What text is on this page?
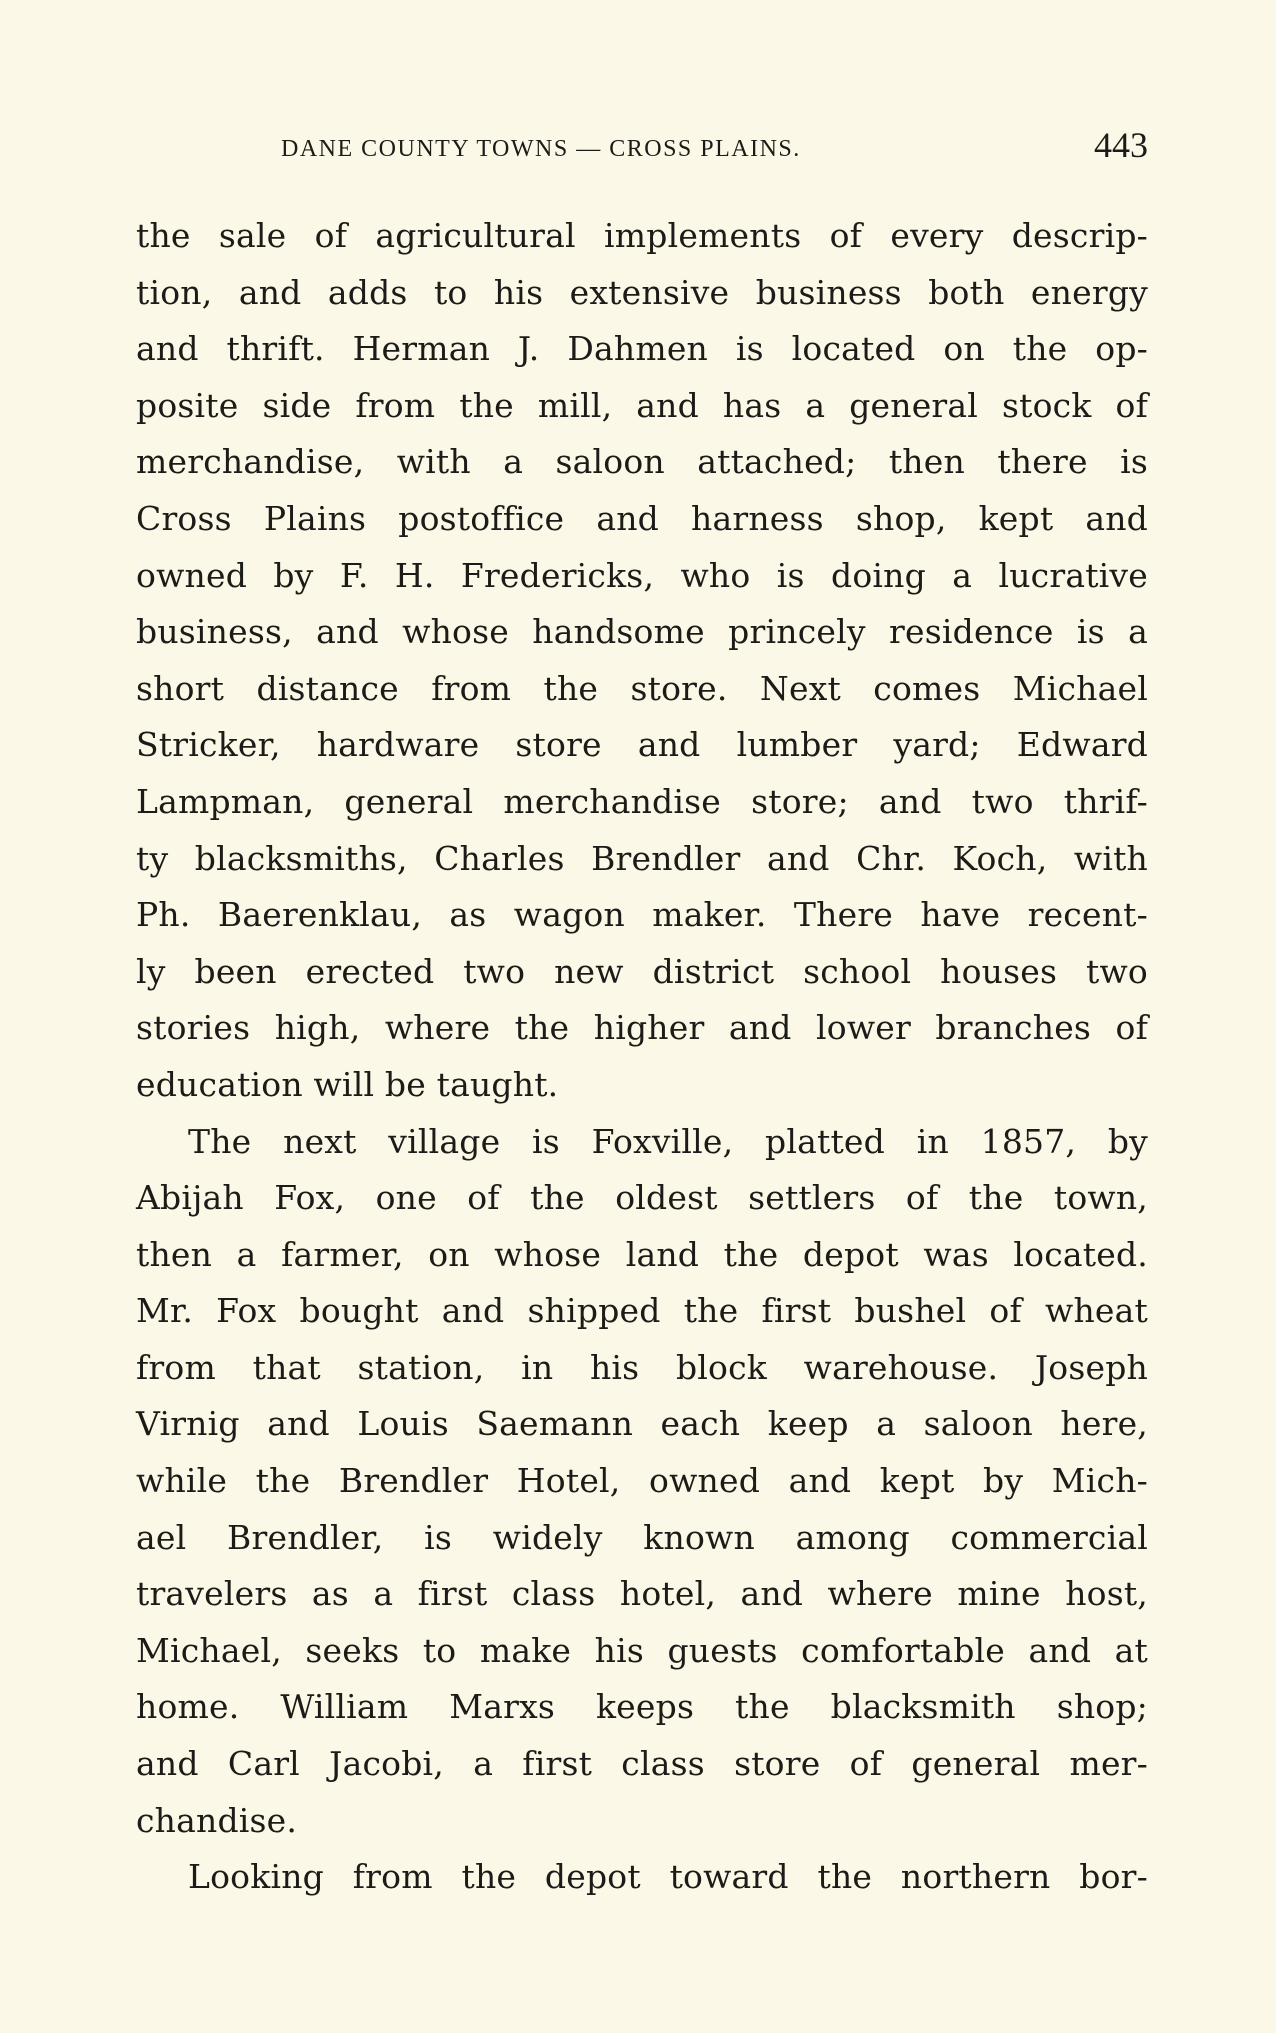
DANE COUNTY TOWNS — CROSS PLAINS.	443
the sale of agricultural implements of every descrip-
tion, and adds to his extensive business both energy
and thrift. Herman J. Dahmen is located on the op-
posite side from the mill, and has a general stock of
merchandise, with a saloon attached; then there is
Cross Plains postoffice and harness shop, kept and
owned by F. H. Fredericks, who is doing a lucrative
business, and whose handsome princely residence is a
short distance from the store. Next comes Michael
Stricker, hardware store and lumber yard; Edward
Lampman, general merchandise store; and two thrif-
ty blacksmiths, Charles Brendler and Chr. Koch, with
Ph. Baerenklau, as wagon maker. There have recent-
ly been erected two new district school houses two
stories high, where the higher and lower branches of
education will be taught.
The next village is Foxville, platted in 1857, by
Abijah Fox, one of the oldest settlers of the town,
then a farmer, on whose land the depot was located.
Mr. Fox bought and shipped the first bushel of wheat
from that station, in his block warehouse. Joseph
Virnig and Louis Saemann each keep a saloon here,
while the Brendler Hotel, owned and kept by Mich-
ael Brendler, is widely known among commercial
travelers as a first class hotel, and where mine host,
Michael, seeks to make his guests comfortable and at
home. William Marxs keeps the blacksmith shop;
and Carl Jacobi, a first class store of general mer-
chandise.
Looking from the depot toward the northern bor-
